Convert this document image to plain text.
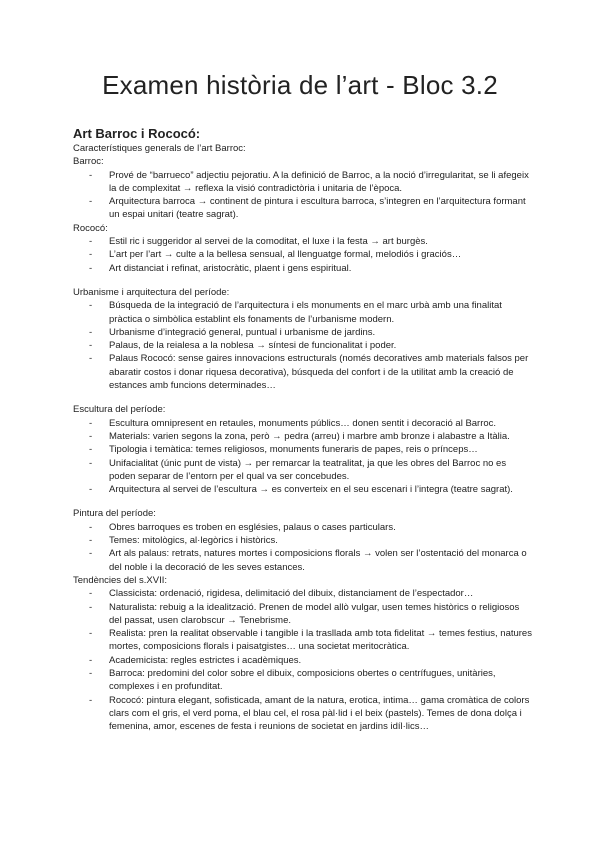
Examen història de l’art - Bloc 3.2

Art Barroc i Rococó:

Característiques generals de l’art Barroc:

Barroc:

- Prové de “barrueco” adjectiu pejoratiu. A la definició de Barroc, a la noció d’irregularitat, se li afegeix la de complexitat → reflexa la visió contradictòria i unitaria de l’època.
- Arquitectura barroca → continent de pintura i escultura barroca, s’integren en l’arquitectura formant un espai unitari (teatre sagrat).

Rococó:

- Estil ric i suggeridor al servei de la comoditat, el luxe i la festa → art burgès.
- L’art per l’art → culte a la bellesa sensual, al llenguatge formal, melodiós i graciós…
- Art distanciat i refinat, aristocràtic, plaent i gens espiritual.

Urbanisme i arquitectura del període:

- Búsqueda de la integració de l’arquitectura i els monuments en el marc urbà amb una finalitat pràctica o simbòlica establint els fonaments de l’urbanisme modern.
- Urbanisme d’integració general, puntual i urbanisme de jardins.
- Palaus, de la reialesa a la noblesa → síntesi de funcionalitat i poder.
- Palaus Rococó: sense gaires innovacions estructurals (només decoratives amb materials falsos per abaratir costos i donar riquesa decorativa), búsqueda del confort i de la utilitat amb la creació de estances amb funcions determinades…

Escultura del període:

- Escultura omnipresent en retaules, monuments públics… donen sentit i decoració al Barroc.
- Materials: varien segons la zona, però → pedra (arreu) i marbre amb bronze i alabastre a Itàlia.
- Tipologia i temàtica: temes religiosos, monuments funeraris de papes, reis o prínceps…
- Unifacialitat (únic punt de vista) → per remarcar la teatralitat, ja que les obres del Barroc no es poden separar de l’entorn per el qual va ser concebudes.
- Arquitectura al servei de l’escultura → es converteix en el seu escenari i l’integra (teatre sagrat).

Pintura del període:

- Obres barroques es troben en esglésies, palaus o cases particulars.
- Temes: mitològics, al·legòrics i històrics.
- Art als palaus: retrats, natures mortes i composicions florals → volen ser l’ostentació del monarca o del noble i la decoració de les seves estances.

Tendències del s.XVII:

- Classicista: ordenació, rigidesa, delimitació del dibuix, distanciament de l’espectador…
- Naturalista: rebuig a la idealització. Prenen de model allò vulgar, usen temes històrics o religiosos del passat, usen clarobscur → Tenebrisme.
- Realista: pren la realitat observable i tangible i la trasllada amb tota fidelitat → temes festius, natures mortes, composicions florals i paisatgistes… una societat meritocràtica.
- Academicista: regles estrictes i acadèmiques.
- Barroca: predomini del color sobre el dibuix, composicions obertes o centrífugues, unitàries, complexes i en profunditat.
- Rococó: pintura elegant, sofisticada, amant de la natura, erotica, intima… gama cromàtica de colors clars com el gris, el verd poma, el blau cel, el rosa pàl·lid i el beix (pastels). Temes de dona dolça i femenina, amor, escenes de festa i reunions de societat en jardins idíl·lics…
